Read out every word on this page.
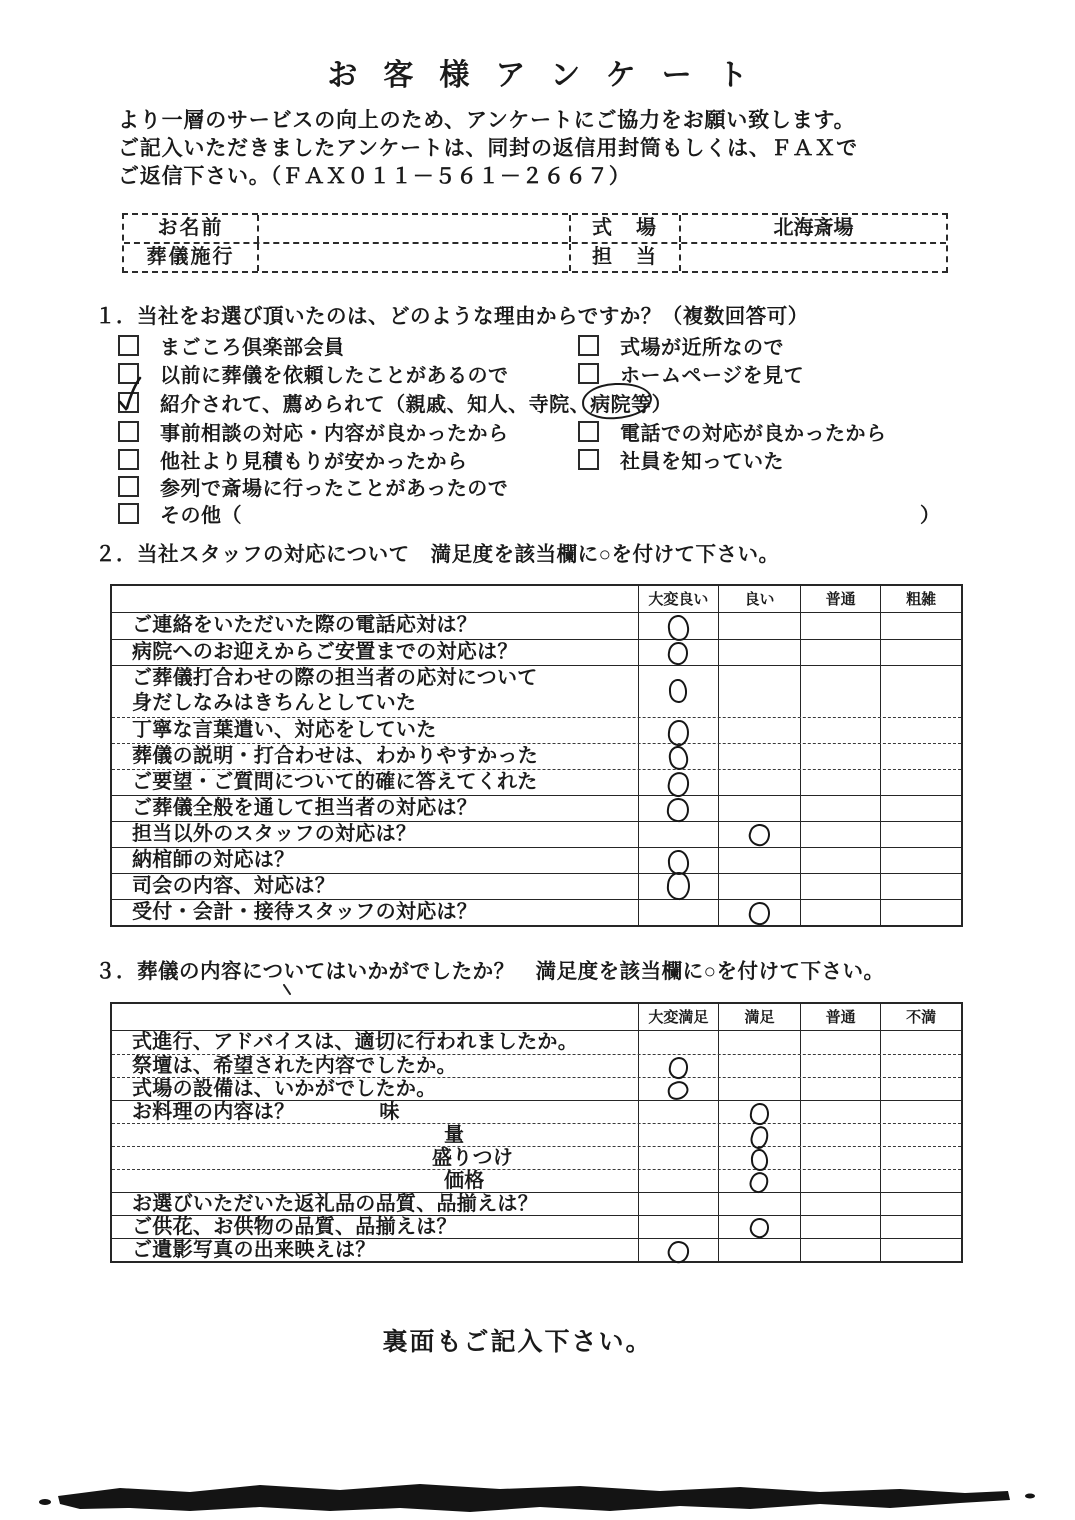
お客様アンケート
より一層のサービスの向上のため、アンケートにご協力をお願い致します。
ご記入いただきましたアンケートは、同封の返信用封筒もしくは、ＦＡＸで
ご返信下さい。（ＦＡＸ０１１－５６１－２６６７）
お名前	式　場	北海斎場
葬儀施行	担　当
１．当社をお選び頂いたのは、どのような理由からですか？（複数回答可）
まごころ倶楽部会員	式場が近所なので
以前に葬儀を依頼したことがあるので	ホームページを見て
紹介されて、薦められて（親戚、知人、寺院、病院等）
事前相談の対応・内容が良かったから	電話での対応が良かったから
他社より見積もりが安かったから	社員を知っていた
参列で斎場に行ったことがあったので
その他（	）
２．当社スタッフの対応について　満足度を該当欄に○を付けて下さい。
大変良い	良い	普通	粗雑
ご連絡をいただいた際の電話応対は？
病院へのお迎えからご安置までの対応は？
ご葬儀打合わせの際の担当者の応対について
身だしなみはきちんとしていた
丁寧な言葉遣い、対応をしていた
葬儀の説明・打合わせは、わかりやすかった
ご要望・ご質問について的確に答えてくれた
ご葬儀全般を通して担当者の対応は？
担当以外のスタッフの対応は？
納棺師の対応は？
司会の内容、対応は？
受付・会計・接待スタッフの対応は？
３．葬儀の内容についてはいかがでしたか？　満足度を該当欄に○を付けて下さい。
大変満足	満足	普通	不満
式進行、アドバイスは、適切に行われましたか。
祭壇は、希望された内容でしたか。
式場の設備は、いかがでしたか。
お料理の内容は？	味
量
盛りつけ
価格
お選びいただいた返礼品の品質、品揃えは？
ご供花、お供物の品質、品揃えは？
ご遺影写真の出来映えは？
裏面もご記入下さい。
